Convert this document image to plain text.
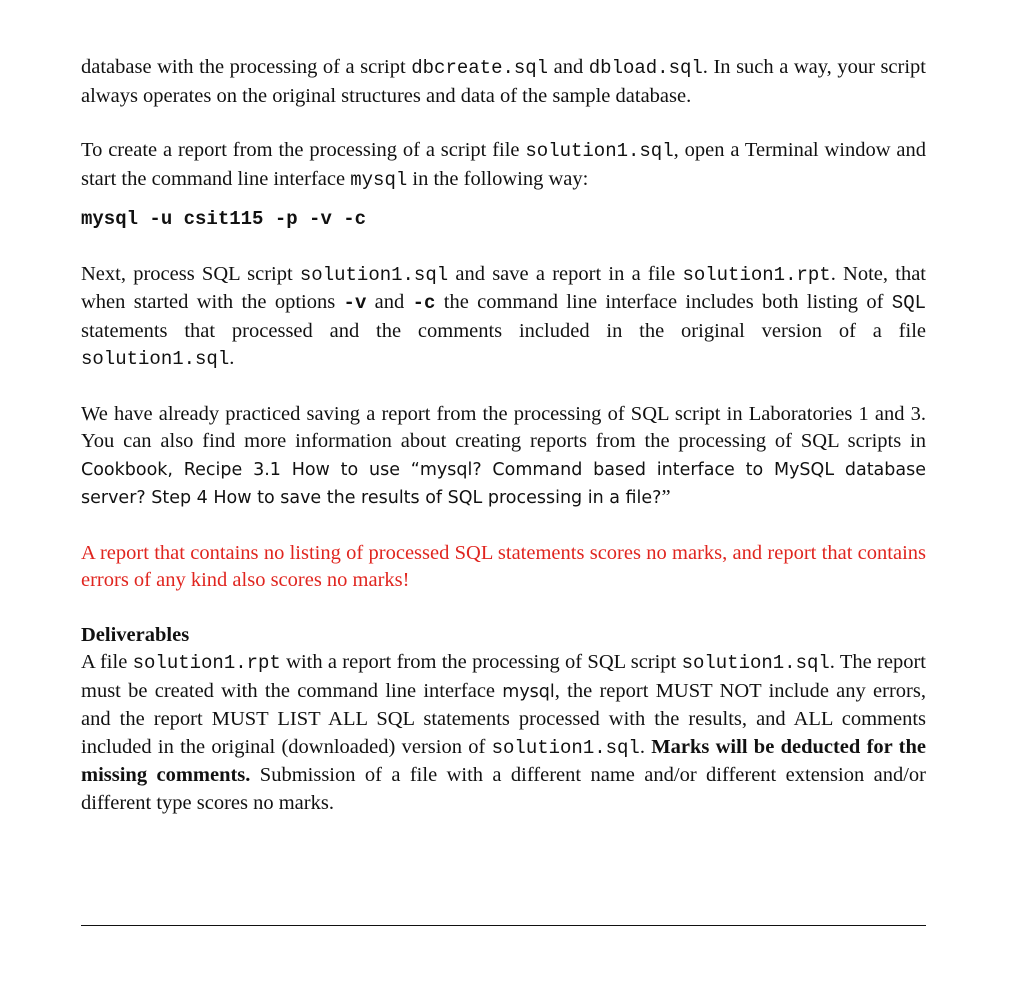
database with the processing of a script dbcreate.sql and dbload.sql. In such a way, your script always operates on the original structures and data of the sample database.

To create a report from the processing of a script file solution1.sql, open a Terminal window and start the command line interface mysql in the following way:

mysql -u csit115 -p -v -c

Next, process SQL script solution1.sql and save a report in a file solution1.rpt. Note, that when started with the options -v and -c the command line interface includes both listing of SQL statements that processed and the comments included in the original version of a file solution1.sql.

We have already practiced saving a report from the processing of SQL script in Laboratories 1 and 3. You can also find more information about creating reports from the processing of SQL scripts in Cookbook, Recipe 3.1 How to use “mysql? Command based interface to MySQL database server? Step 4 How to save the results of SQL processing in a file?”

A report that contains no listing of processed SQL statements scores no marks, and report that contains errors of any kind also scores no marks!

Deliverables

A file solution1.rpt with a report from the processing of SQL script solution1.sql. The report must be created with the command line interface mysql, the report MUST NOT include any errors, and the report MUST LIST ALL SQL statements processed with the results, and ALL comments included in the original (downloaded) version of solution1.sql. Marks will be deducted for the missing comments. Submission of a file with a different name and/or different extension and/or different type scores no marks.
